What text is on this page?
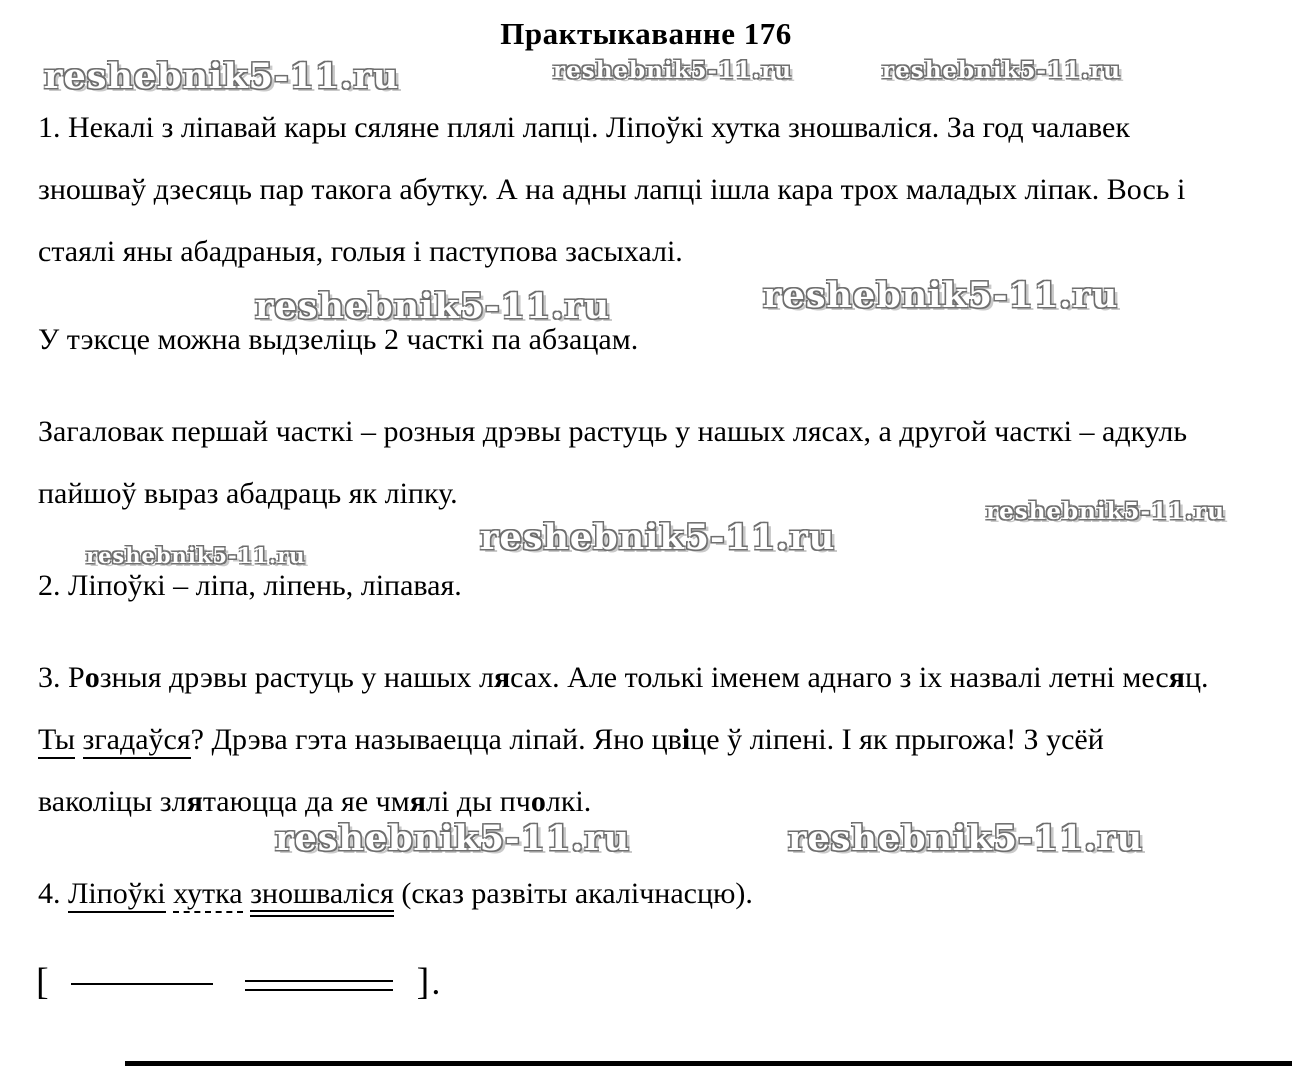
Практыкаванне 176
reshebnik5-11.ru	reshebnik5-11.ru	reshebnik5-11.ru
reshebnik5-11.ru	reshebnik5-11.ru
reshebnik5-11.ru
reshebnik5-11.ru
reshebnik5-11.ru
reshebnik5-11.ru	reshebnik5-11.ru

1. Некалі з ліпавай кары сяляне плялі лапці. Ліпоўкі хутка зношваліся. За год чалавек зношваў дзесяць пар такога абутку. А на адны лапці ішла кара трох маладых ліпак. Вось і стаялі яны абадраныя, голыя і паступова засыхалі.

У тэксце можна выдзеліць 2 часткі па абзацам.

Загаловак першай часткі – розныя дрэвы растуць у нашых лясах, а другой часткі – адкуль пайшоў выраз абадраць як ліпку.

2. Ліпоўкі – ліпа, ліпень, ліпавая.

3. Розныя дрэвы растуць у нашых лясах. Але толькі іменем аднаго з іх назвалі летні месяц. Ты згадаўся? Дрэва гэта называецца ліпай. Яно цвіце ў ліпені. І як прыгожа! З усёй ваколіцы злятаюцца да яе чмялі ды пчолкі.

4. Ліпоўкі хутка зношваліся (сказ развіты акалічнасцю).

[	].
